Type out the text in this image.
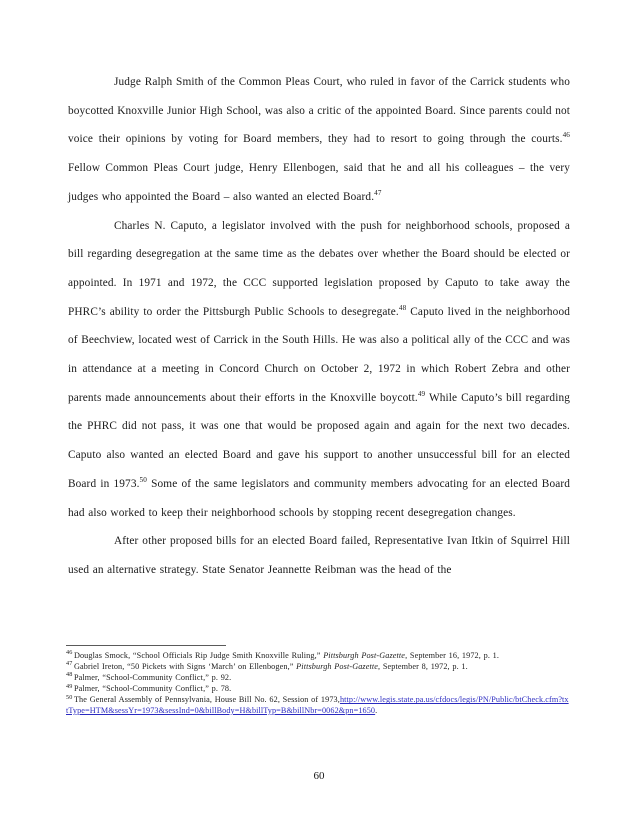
Judge Ralph Smith of the Common Pleas Court, who ruled in favor of the Carrick students who boycotted Knoxville Junior High School, was also a critic of the appointed Board. Since parents could not voice their opinions by voting for Board members, they had to resort to going through the courts.$^{46}$ Fellow Common Pleas Court judge, Henry Ellenbogen, said that he and all his colleagues – the very judges who appointed the Board – also wanted an elected Board.$^{47}$

Charles N. Caputo, a legislator involved with the push for neighborhood schools, proposed a bill regarding desegregation at the same time as the debates over whether the Board should be elected or appointed. In 1971 and 1972, the CCC supported legislation proposed by Caputo to take away the PHRC’s ability to order the Pittsburgh Public Schools to desegregate.$^{48}$ Caputo lived in the neighborhood of Beechview, located west of Carrick in the South Hills. He was also a political ally of the CCC and was in attendance at a meeting in Concord Church on October 2, 1972 in which Robert Zebra and other parents made announcements about their efforts in the Knoxville boycott.$^{49}$ While Caputo’s bill regarding the PHRC did not pass, it was one that would be proposed again and again for the next two decades. Caputo also wanted an elected Board and gave his support to another unsuccessful bill for an elected Board in 1973.50 Some of the same legislators and community members advocating for an elected Board had also worked to keep their neighborhood schools by stopping recent desegregation changes.

After other proposed bills for an elected Board failed, Representative Ivan Itkin of Squirrel Hill used an alternative strategy. State Senator Jeannette Reibman was the head of the

$^{46}$ Douglas Smock, “School Officials Rip Judge Smith Knoxville Ruling,” Pittsburgh Post-Gazette, September 16, 1972, p. 1.
$^{47}$ Gabriel Ireton, “50 Pickets with Signs ‘March’ on Ellenbogen,” Pittsburgh Post-Gazette, September 8, 1972, p. 1.
$^{48}$ Palmer, “School-Community Conflict,” p. 92.
$^{49}$ Palmer, “School-Community Conflict,” p. 78.
$^{50}$ The General Assembly of Pennsylvania, House Bill No. 62, Session of 1973,http://www.legis.state.pa.us/cfdocs/legis/PN/Public/btCheck.cfm?txtType=HTM&sessYr=1973&sessInd=0&billBody=H&billTyp=B&billNbr=0062&pn=1650.
60
